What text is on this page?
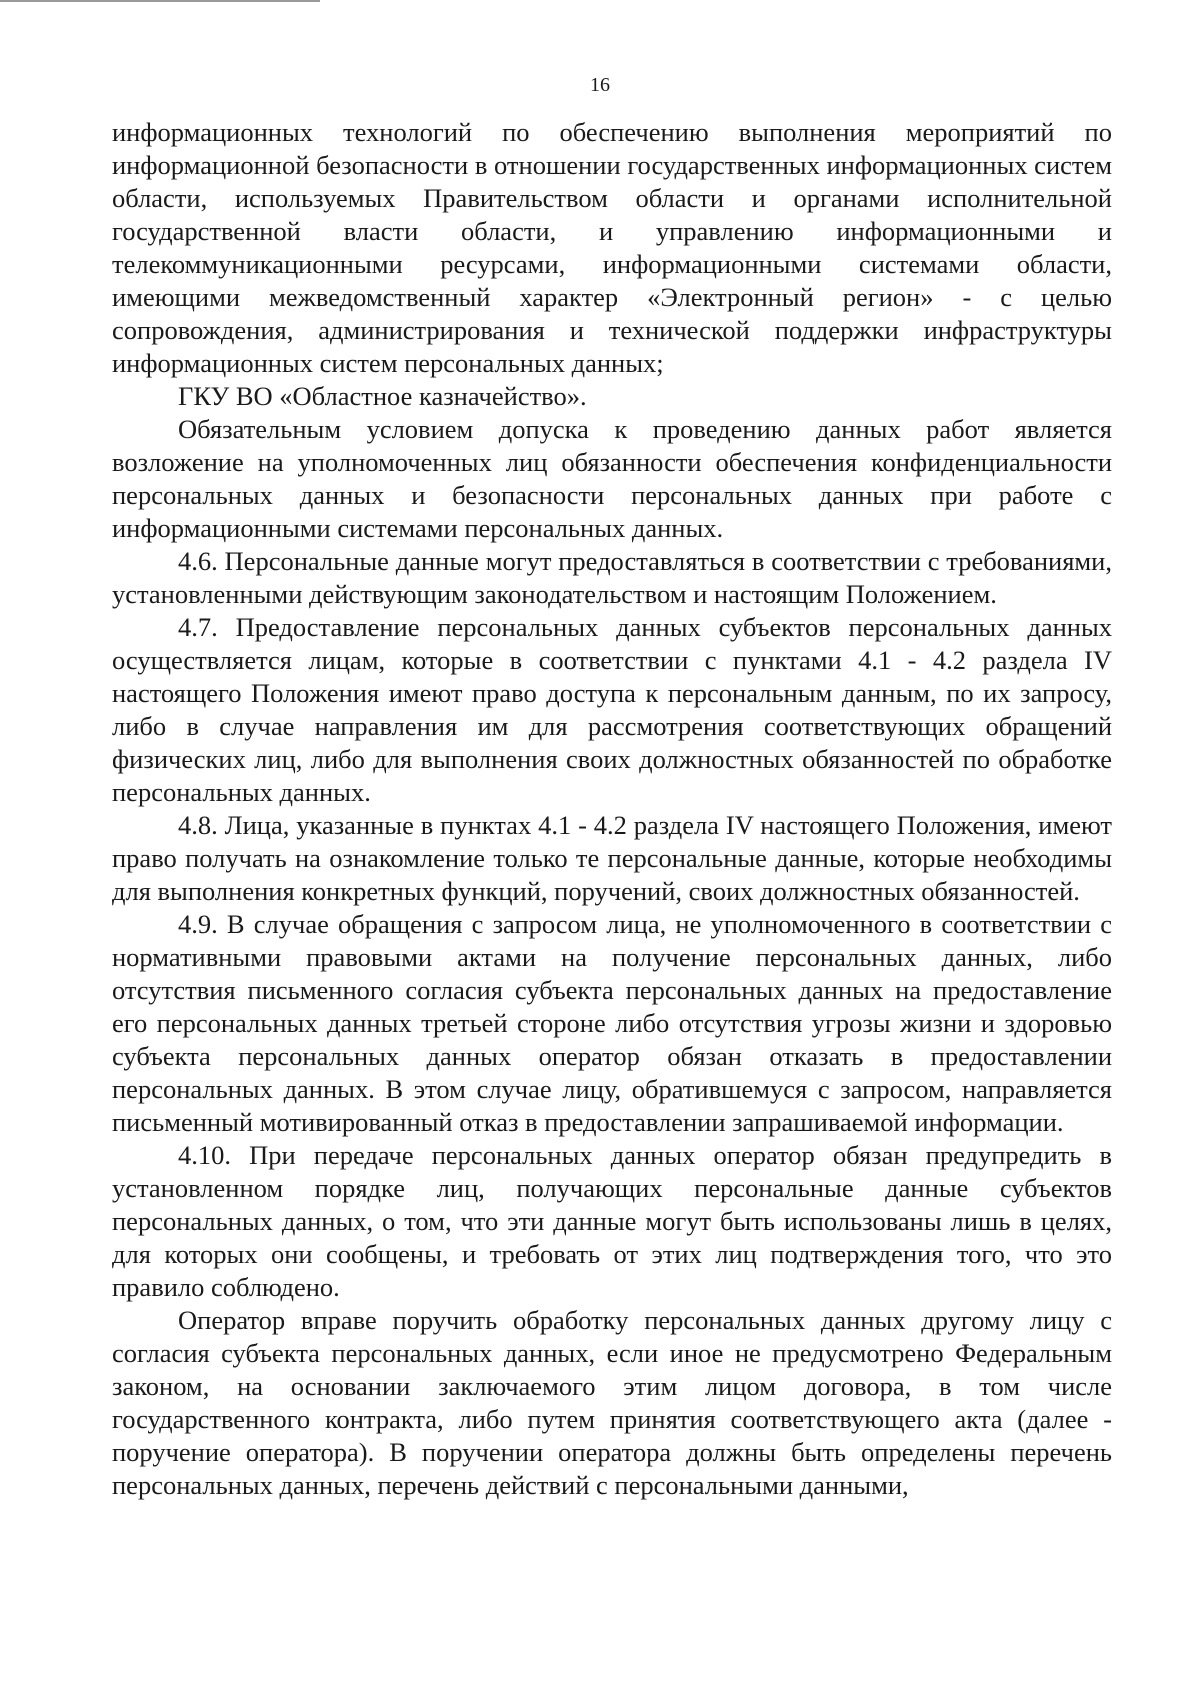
16

информационных технологий по обеспечению выполнения мероприятий по информационной безопасности в отношении государственных информационных систем области, используемых Правительством области и органами исполнительной государственной власти области, и управлению информационными и телекоммуникационными ресурсами, информационными системами области, имеющими межведомственный характер «Электронный регион» - с целью сопровождения, администрирования и технической поддержки инфраструктуры информационных систем персональных данных;

ГКУ ВО «Областное казначейство».

Обязательным условием допуска к проведению данных работ является возложение на уполномоченных лиц обязанности обеспечения конфиденциальности персональных данных и безопасности персональных данных при работе с информационными системами персональных данных.

4.6. Персональные данные могут предоставляться в соответствии с требованиями, установленными действующим законодательством и настоящим Положением.

4.7. Предоставление персональных данных субъектов персональных данных осуществляется лицам, которые в соответствии с пунктами 4.1 - 4.2 раздела IV настоящего Положения имеют право доступа к персональным данным, по их запросу, либо в случае направления им для рассмотрения соответствующих обращений физических лиц, либо для выполнения своих должностных обязанностей по обработке персональных данных.

4.8. Лица, указанные в пунктах 4.1 - 4.2 раздела IV настоящего Положения, имеют право получать на ознакомление только те персональные данные, которые необходимы для выполнения конкретных функций, поручений, своих должностных обязанностей.

4.9. В случае обращения с запросом лица, не уполномоченного в соответствии с нормативными правовыми актами на получение персональных данных, либо отсутствия письменного согласия субъекта персональных данных на предоставление его персональных данных третьей стороне либо отсутствия угрозы жизни и здоровью субъекта персональных данных оператор обязан отказать в предоставлении персональных данных. В этом случае лицу, обратившемуся с запросом, направляется письменный мотивированный отказ в предоставлении запрашиваемой информации.

4.10. При передаче персональных данных оператор обязан предупредить в установленном порядке лиц, получающих персональные данные субъектов персональных данных, о том, что эти данные могут быть использованы лишь в целях, для которых они сообщены, и требовать от этих лиц подтверждения того, что это правило соблюдено.

Оператор вправе поручить обработку персональных данных другому лицу с согласия субъекта персональных данных, если иное не предусмотрено Федеральным законом, на основании заключаемого этим лицом договора, в том числе государственного контракта, либо путем принятия соответствующего акта (далее - поручение оператора). В поручении оператора должны быть определены перечень персональных данных, перечень действий с персональными данными,
